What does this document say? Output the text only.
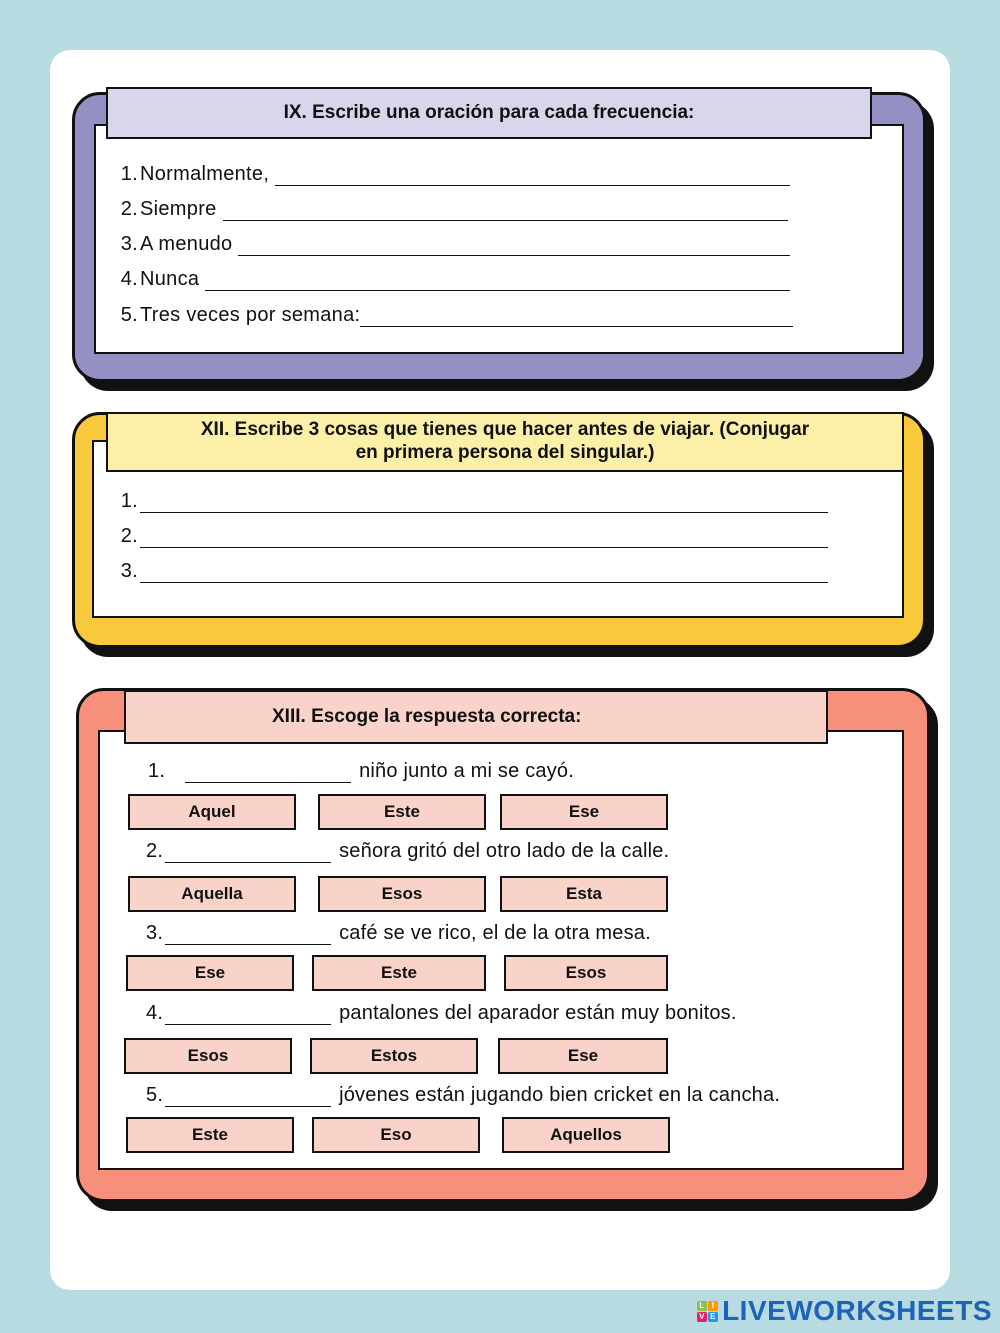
IX. Escribe una oración para cada frecuencia:
1. Normalmente,
2. Siempre
3. A menudo
4. Nunca
5. Tres veces por semana:
XII. Escribe 3 cosas que tienes que hacer antes de viajar. (Conjugar
en primera persona del singular.)
1.
2.
3.
XIII. Escoge la respuesta correcta:
1.	niño junto a mi se cayó.
Aquel	Este	Ese
2.	señora gritó del otro lado de la calle.
Aquella	Esos	Esta
3.	café se ve rico, el de la otra mesa.
Ese	Este	Esos
4.	pantalones del aparador están muy bonitos.
Esos	Estos	Ese
5.	jóvenes están jugando bien cricket en la cancha.
Este	Eso	Aquellos
L I
V E LIVEWORKSHEETS
